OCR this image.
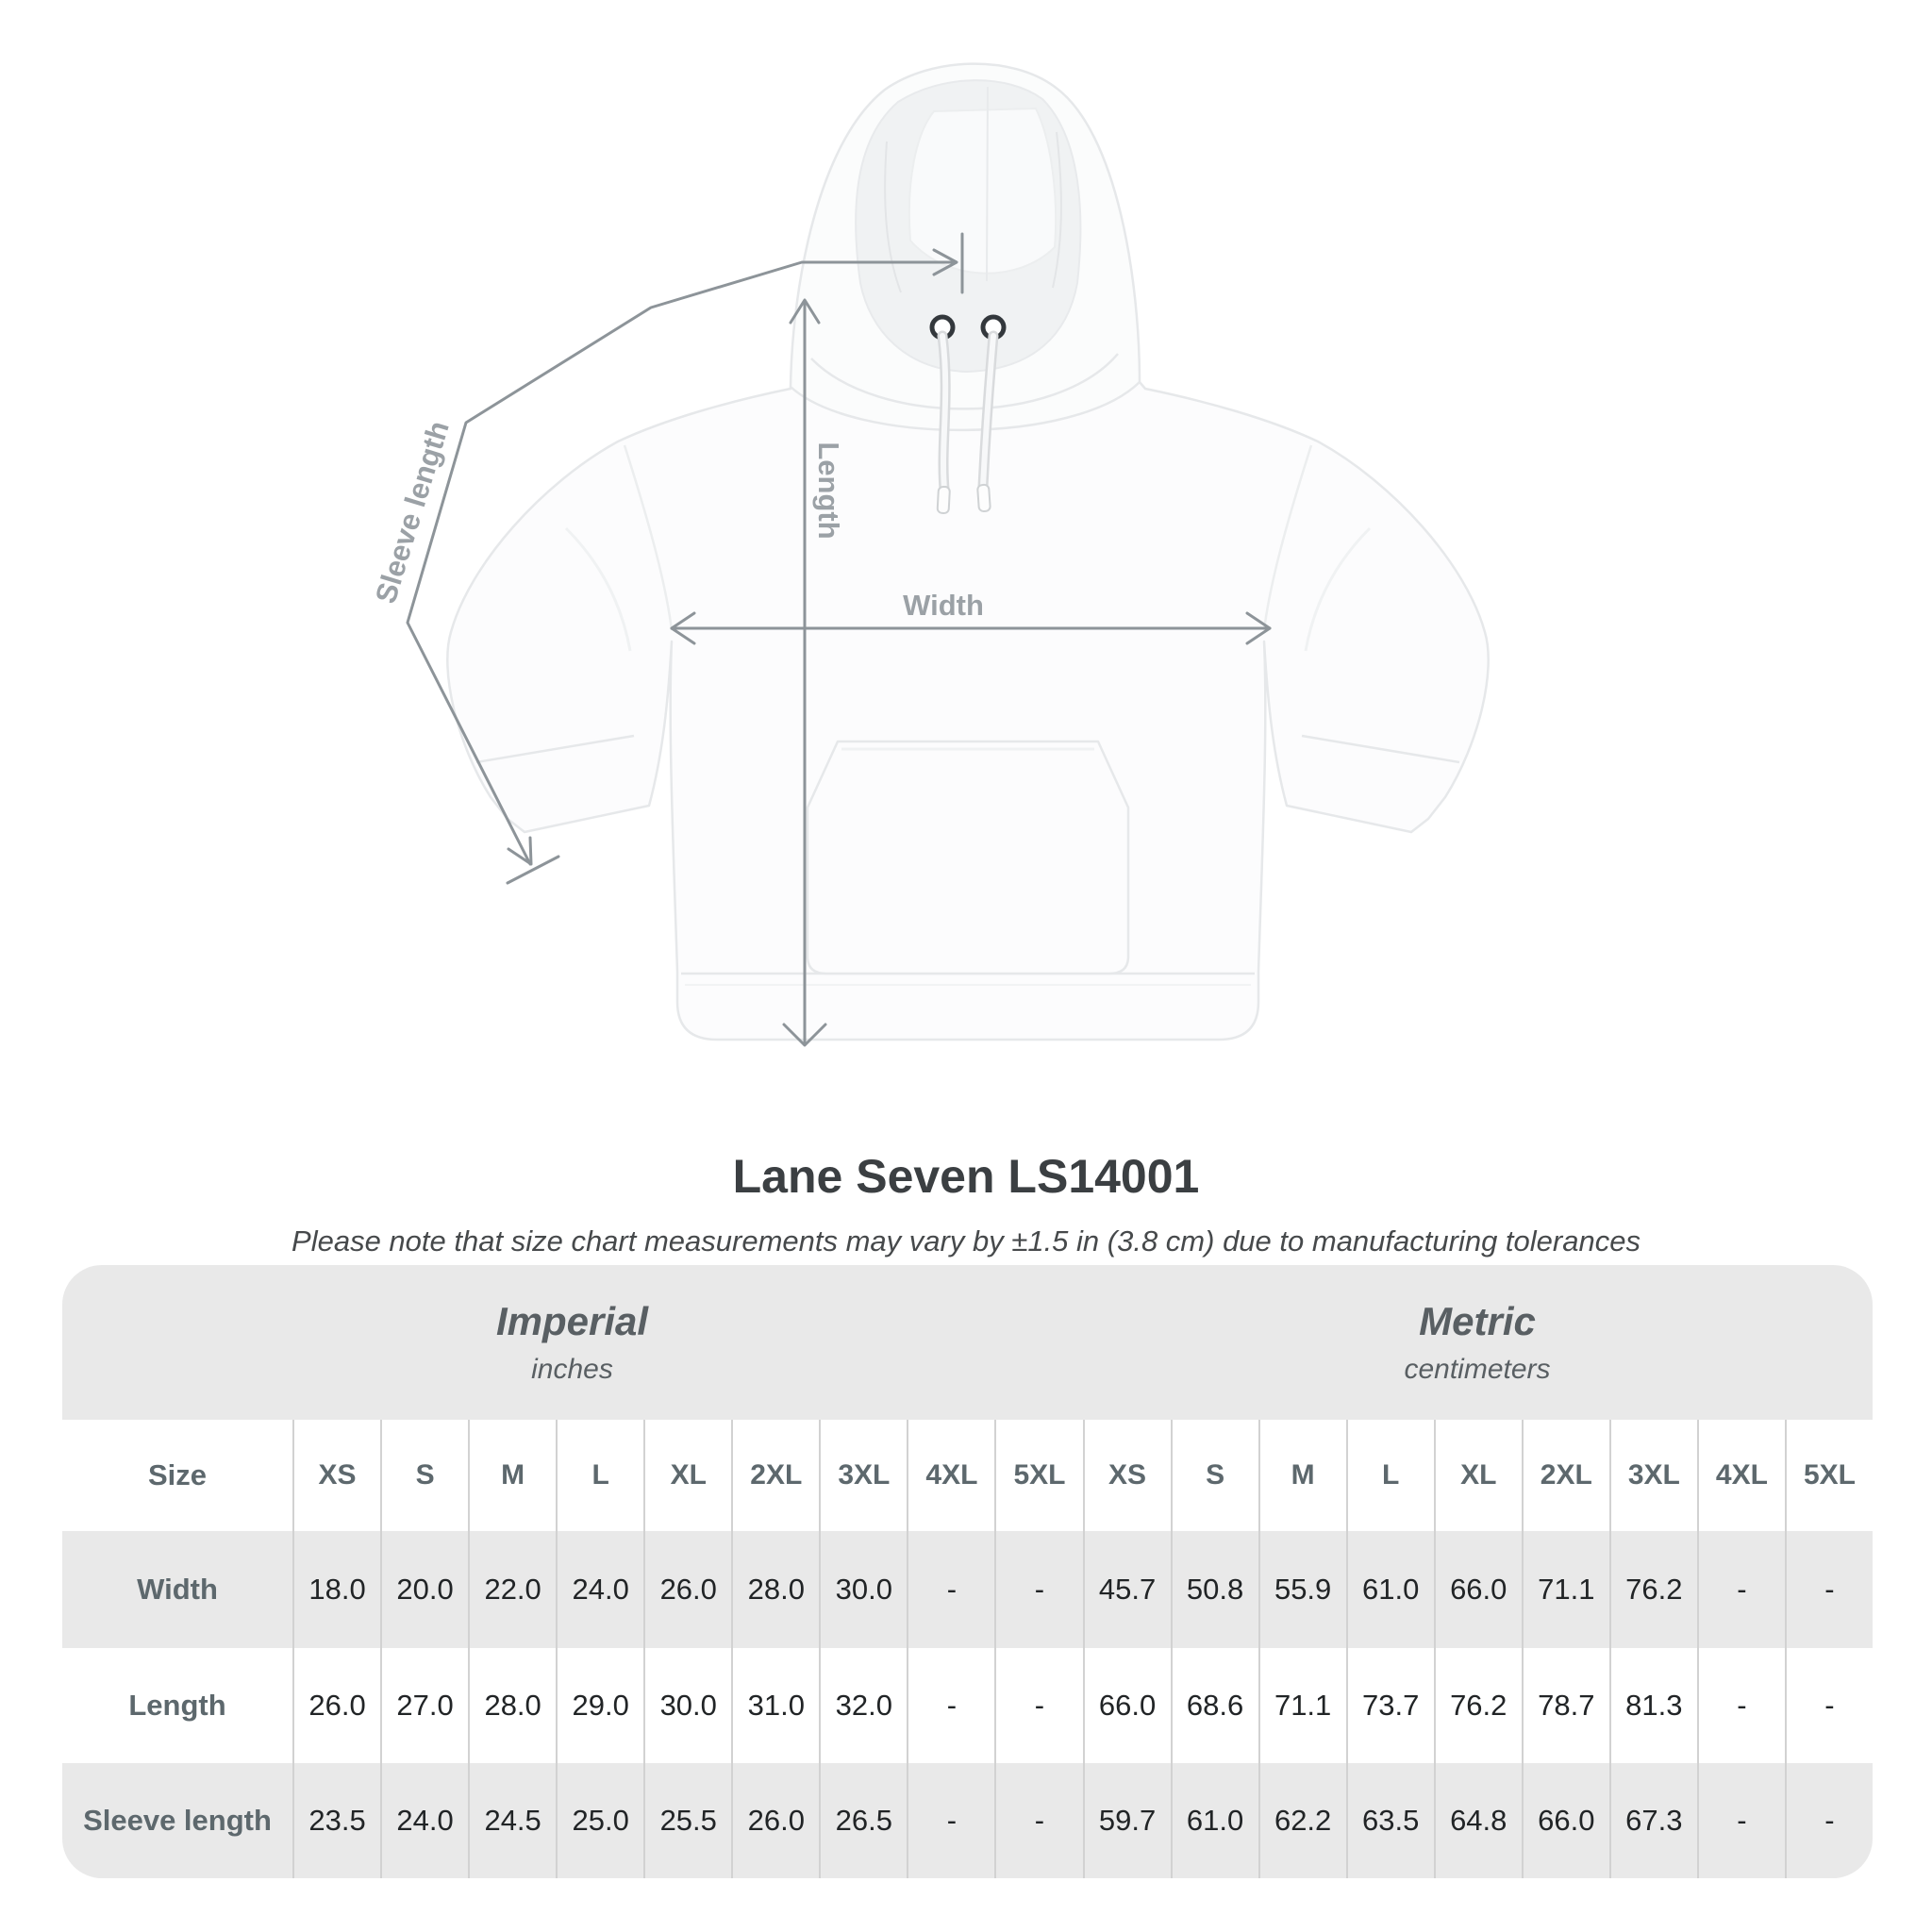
Sleeve length	Length
Width
Lane Seven LS14001
Please note that size chart measurements may vary by ±1.5 in (3.8 cm) due to manufacturing tolerances
Imperial
inches
Metric
centimeters
Size	XS	S	M	L	XL	2XL	3XL	4XL	5XL	XS	S	M	L	XL	2XL	3XL	4XL	5XL
Width	18.0	20.0	22.0	24.0	26.0	28.0	30.0	-	-	45.7	50.8	55.9	61.0	66.0	71.1	76.2	-	-
Length	26.0	27.0	28.0	29.0	30.0	31.0	32.0	-	-	66.0	68.6	71.1	73.7	76.2	78.7	81.3	-	-
Sleeve length	23.5	24.0	24.5	25.0	25.5	26.0	26.5	-	-	59.7	61.0	62.2	63.5	64.8	66.0	67.3	-	-
